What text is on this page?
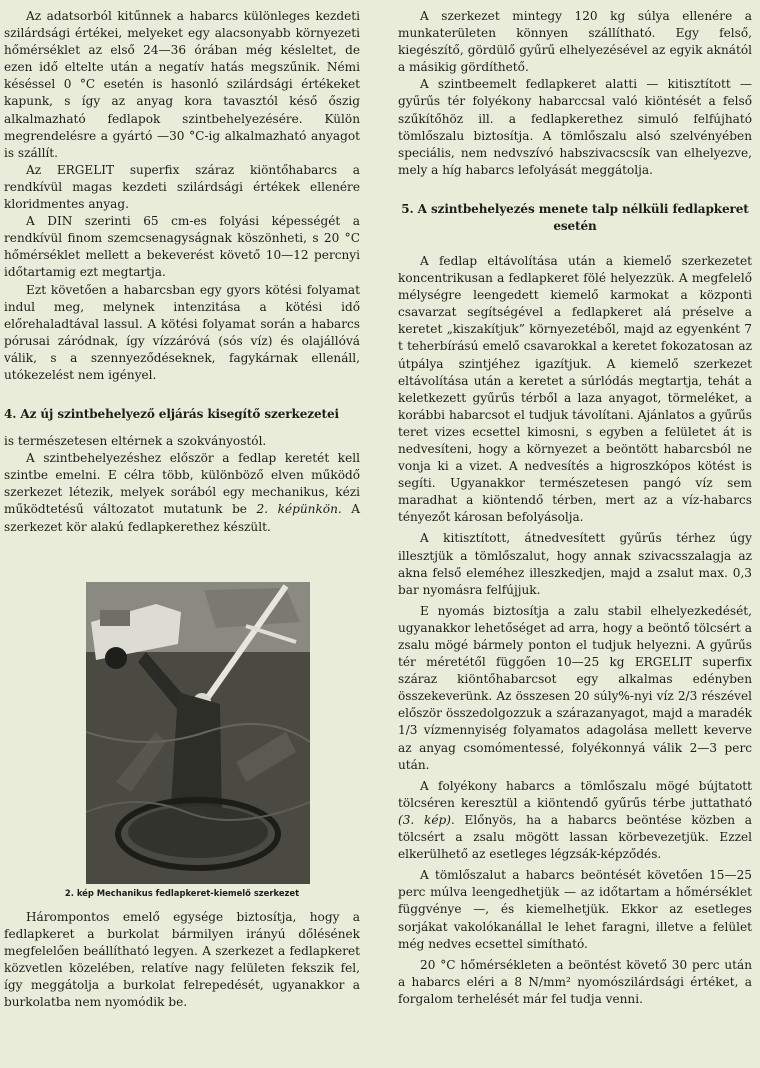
Az adatsorból kitűnnek a habarcs különleges kezdeti szilárdsági értékei, melyeket egy alacsonyabb környezeti hőmérséklet az első 24—36 órában még késleltet, de ezen idő eltelte után a negatív hatás megszűnik. Némi késéssel 0 °C esetén is hasonló szilárdsági értékeket kapunk, s így az anyag kora tavasztól késő őszig alkalmazható fedlapok szintbehelyezésére. Külön megrendelésre a gyártó —30 °C-ig alkalmazható anyagot is szállít.

Az ERGELIT superfix száraz kiöntőhabarcs a rendkívül magas kezdeti szilárdsági értékek ellenére kloridmentes anyag.

A DIN szerinti 65 cm-es folyási képességét a rendkívül finom szemcsenagyságnak köszönheti, s 20 °C hőmérséklet mellett a bekeverést követő 10—12 percnyi időtartamig ezt megtartja.

Ezt követően a habarcsban egy gyors kötési folyamat indul meg, melynek intenzitása a kötési idő előrehaladtával lassul. A kötési folyamat során a habarcs pórusai záródnak, így vízzáróvá (sós víz) és olajállóvá válik, s a szennyeződéseknek, fagykárnak ellenáll, utókezelést nem igényel.

4. Az új szintbehelyező eljárás kisegítő szerkezetei

is természetesen eltérnek a szokványostól.

A szintbehelyezéshez először a fedlap keretét kell szintbe emelni. E célra több, különböző elven működő szerkezet létezik, melyek sorából egy mechanikus, kézi működtetésű változatot mutatunk be 2. képünkön. A szerkezet kör alakú fedlapkerethez készült.

2. kép Mechanikus fedlapkeret-kiemelő szerkezet

Hárompontos emelő egysége biztosítja, hogy a fedlapkeret a burkolat bármilyen irányú dőlésének megfelelően beállítható legyen. A szerkezet a fedlapkeret közvetlen közelében, relatíve nagy felületen fekszik fel, így meggátolja a burkolat felrepedését, ugyanakkor a burkolatba nem nyomódik be.

A szerkezet mintegy 120 kg súlya ellenére a munkaterületen könnyen szállítható. Egy felső, kiegészítő, gördülő gyűrű elhelyezésével az egyik aknától a másikig gördíthető.

A szintbeemelt fedlapkeret alatti — kitisztított — gyűrűs tér folyékony habarccsal való kiöntését a felső szűkítőhöz ill. a fedlapkerethez simuló felfújható tömlőszalu biztosítja. A tömlőszalu alsó szelvényében speciális, nem nedvszívó habszivacscsík van elhelyezve, mely a híg habarcs lefolyását meggátolja.

5. A szintbehelyezés menete talp nélküli fedlapkeret esetén

A fedlap eltávolítása után a kiemelő szerkezetet koncentrikusan a fedlapkeret fölé helyezzük. A megfelelő mélységre leengedett kiemelő karmokat a központi csavarzat segítségével a fedlapkeret alá préselve a keretet „kiszakítjuk” környezetéből, majd az egyenként 7 t teherbírású emelő csavarokkal a keretet fokozatosan az útpálya szintjéhez igazítjuk. A kiemelő szerkezet eltávolítása után a keretet a súrlódás megtartja, tehát a keletkezett gyűrűs térből a laza anyagot, törmeléket, a korábbi habarcsot el tudjuk távolítani. Ajánlatos a gyűrűs teret vizes ecsettel kimosni, s egyben a felületet át is nedvesíteni, hogy a környezet a beöntött habarcsból ne vonja ki a vizet. A nedvesítés a higroszkópos kötést is segíti. Ugyanakkor természetesen pangó víz sem maradhat a kiöntendő térben, mert az a víz-habarcs tényezőt károsan befolyásolja.

A kitisztított, átnedvesített gyűrűs térhez úgy illesztjük a tömlőszalut, hogy annak szivacsszalagja az akna felső eleméhez illeszkedjen, majd a zsalut max. 0,3 bar nyomásra felfújjuk.

E nyomás biztosítja a zalu stabil elhelyezkedését, ugyanakkor lehetőséget ad arra, hogy a beöntő tölcsért a zsalu mögé bármely ponton el tudjuk helyezni. A gyűrűs tér méretétől függően 10—25 kg ERGELIT superfix száraz kiöntőhabarcsot egy alkalmas edényben összekeverünk. Az összesen 20 súly%-nyi víz 2/3 részével először összedolgozzuk a szárazanyagot, majd a maradék 1/3 vízmennyiség folyamatos adagolása mellett keverve az anyag csomómentessé, folyékonnyá válik 2—3 perc után.

A folyékony habarcs a tömlőszalu mögé bújtatott tölcséren keresztül a kiöntendő gyűrűs térbe juttatható (3. kép). Előnyös, ha a habarcs beöntése közben a tölcsért a zsalu mögött lassan körbevezetjük. Ezzel elkerülhető az esetleges légzsák-képződés.

A tömlőszalut a habarcs beöntését követően 15—25 perc múlva leengedhetjük — az időtartam a hőmérséklet függvénye —, és kiemelhetjük. Ekkor az esetleges sorjákat vakolókanállal le lehet faragni, illetve a felület még nedves ecsettel simítható.

20 °C hőmérsékleten a beöntést követő 30 perc után a habarcs eléri a 8 N/mm² nyomószilárdsági értéket, a forgalom terhelését már fel tudja venni.
